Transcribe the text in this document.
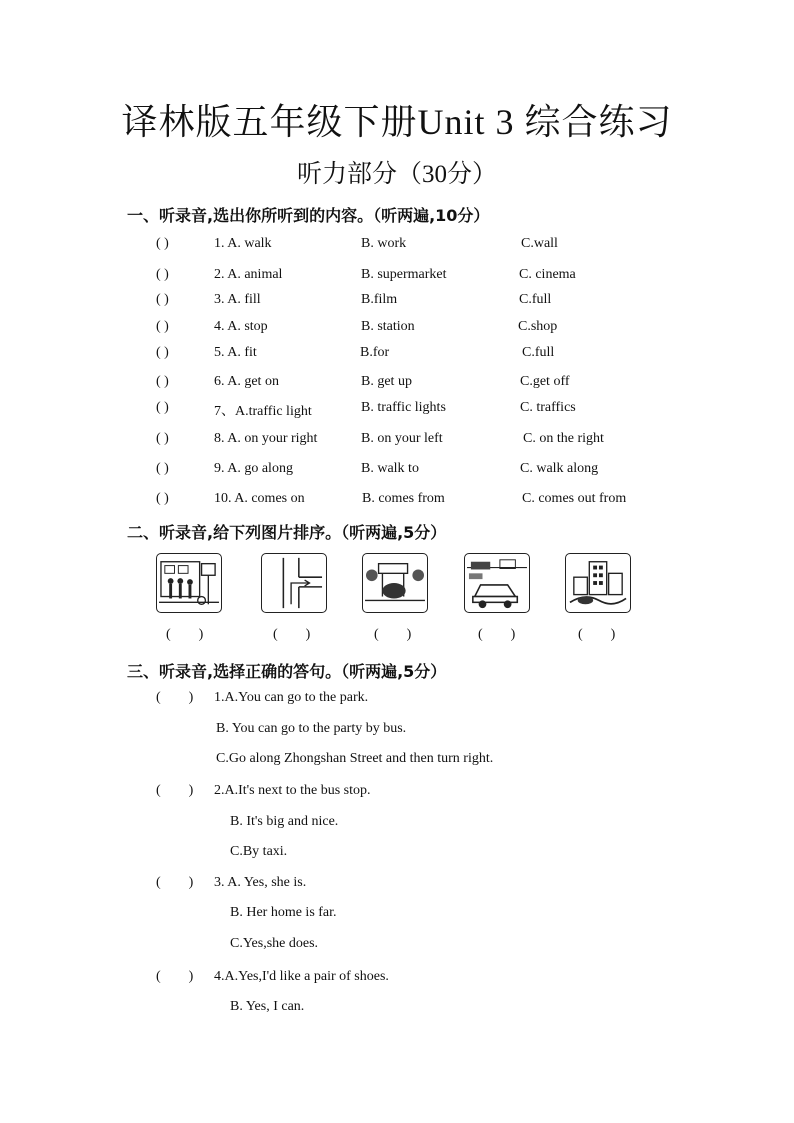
译林版五年级下册Unit 3 综合练习
听力部分（30分）
一、听录音,选出你所听到的内容。（听两遍,10分）
( )	1. A. walk	B. work	C.wall
( )	2. A. animal	B. supermarket	C. cinema
( )	3. A. fill	B.film	C.full
( )	4. A. stop	B. station	C.shop
( )	5. A. fit	B.for	C.full
( )	6. A. get on	B. get up	C.get off
( )	7、A.traffic light	B. traffic lights	C. traffics
( )	8. A. on your right	B. on your left	C. on the right
( )	9. A. go along	B. walk to	C. walk along
( )	10. A. comes on	B. comes from	C. comes out from
二、听录音,给下列图片排序。（听两遍,5分）
(        )	(        )	(        )	(        )	(        )
三、听录音,选择正确的答句。（听两遍,5分）
(        ) 1.A.You can go to the park.
B. You can go to the party by bus.
C.Go along Zhongshan Street and then turn right.
(        ) 2.A.It's next to the bus stop.
B. It's big and nice.
C.By taxi.
(        ) 3. A. Yes, she is.
B. Her home is far.
C.Yes,she does.
(        ) 4.A.Yes,I'd like a pair of shoes.
B. Yes, I can.
